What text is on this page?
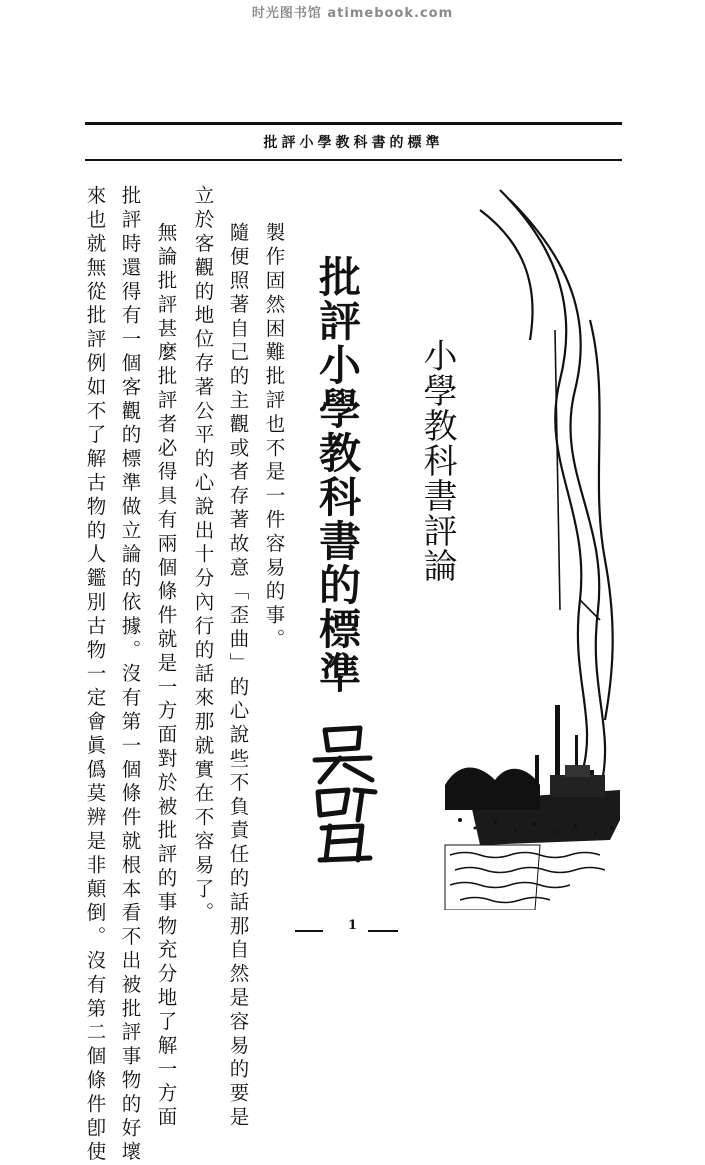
时光图书馆 atimebook.com
批評小學教科書的標準
小學教科書評論
批評小學教科書的標準
製作固然困難批評也不是一件容易的事。
隨便照著自己的主觀或者存著故意「歪曲」的心說些不負責任的話那自然是容易的要是
立於客觀的地位存著公平的心說出十分內行的話來那就實在不容易了。
無論批評甚麼批評者必得具有兩個條件就是一方面對於被批評的事物充分地了解一方面
批評時還得有一個客觀的標準做立論的依據。沒有第一個條件就根本看不出被批評事物的好壞
來也就無從批評例如不了解古物的人鑑別古物一定會眞僞莫辨是非顛倒。沒有第二個條件卽使	1
